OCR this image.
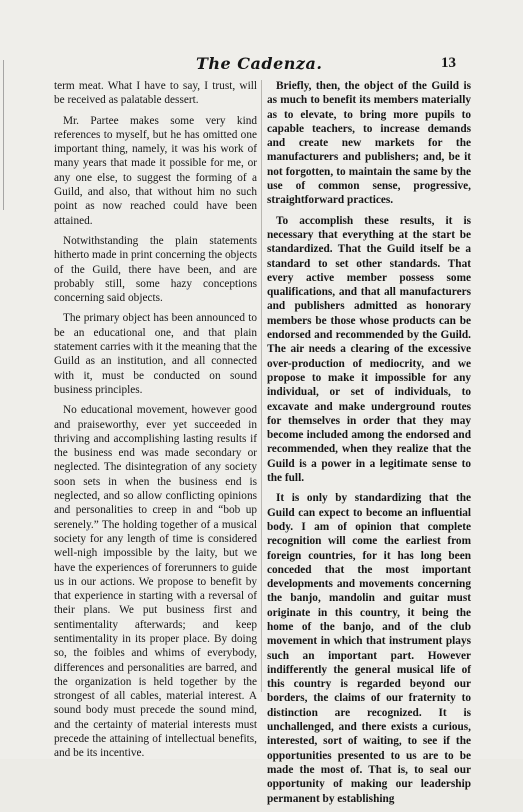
The Cadenza.	13

term meat. What I have to say, I trust, will be received as palatable dessert.

Mr. Partee makes some very kind references to myself, but he has omitted one important thing, namely, it was his work of many years that made it possible for me, or any one else, to suggest the forming of a Guild, and also, that without him no such point as now reached could have been attained.

Notwithstanding the plain statements hitherto made in print concerning the objects of the Guild, there have been, and are probably still, some hazy conceptions concerning said objects.

The primary object has been announced to be an educational one, and that plain statement carries with it the meaning that the Guild as an institution, and all connected with it, must be conducted on sound business principles.

No educational movement, however good and praiseworthy, ever yet succeeded in thriving and accomplishing lasting results if the business end was made secondary or neglected. The disintegration of any society soon sets in when the business end is neglected, and so allow conflicting opinions and personalities to creep in and “bob up serenely.” The holding together of a musical society for any length of time is considered well-nigh impossible by the laity, but we have the experiences of forerunners to guide us in our actions. We propose to benefit by that experience in starting with a reversal of their plans. We put business first and sentimentality afterwards; and keep sentimentality in its proper place. By doing so, the foibles and whims of everybody, differences and personalities are barred, and the organization is held together by the strongest of all cables, material interest. A sound body must precede the sound mind, and the certainty of material interests must precede the attaining of intellectual benefits, and be its incentive.

Briefly, then, the object of the Guild is as much to benefit its members materially as to elevate, to bring more pupils to capable teachers, to increase demands and create new markets for the manufacturers and publishers; and, be it not forgotten, to maintain the same by the use of common sense, progressive, straightforward practices.

To accomplish these results, it is necessary that everything at the start be standardized. That the Guild itself be a standard to set other standards. That every active member possess some qualifications, and that all manufacturers and publishers admitted as honorary members be those whose products can be endorsed and recommended by the Guild. The air needs a clearing of the excessive over-production of mediocrity, and we propose to make it impossible for any individual, or set of individuals, to excavate and make underground routes for themselves in order that they may become included among the endorsed and recommended, when they realize that the Guild is a power in a legitimate sense to the full.

It is only by standardizing that the Guild can expect to become an influential body. I am of opinion that complete recognition will come the earliest from foreign countries, for it has long been conceded that the most important developments and movements concerning the banjo, mandolin and guitar must originate in this country, it being the home of the banjo, and of the club movement in which that instrument plays such an important part. However indifferently the general musical life of this country is regarded beyond our borders, the claims of our fraternity to distinction are recognized. It is unchallenged, and there exists a curious, interested, sort of waiting, to see if the opportunities presented to us are to be made the most of. That is, to seal our opportunity of making our leadership permanent by establishing
